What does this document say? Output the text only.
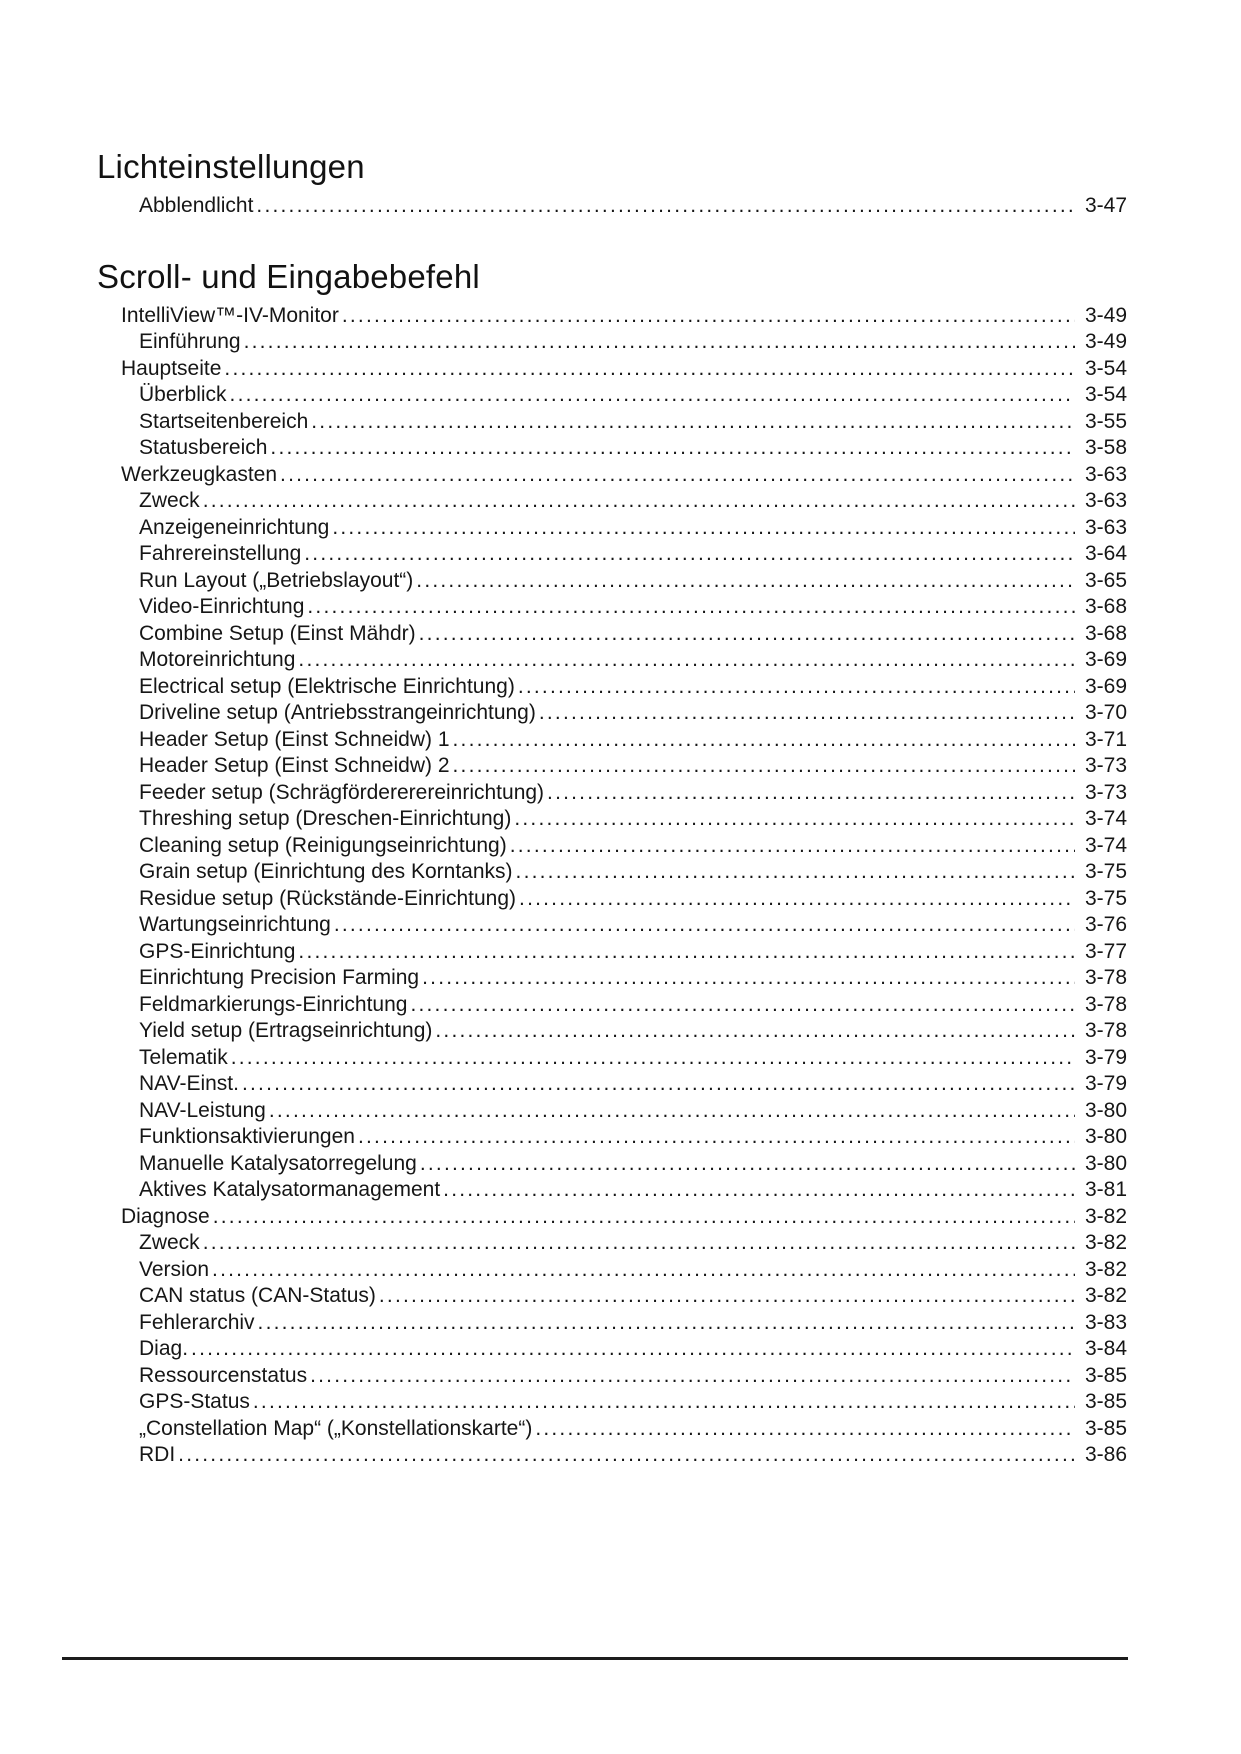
Lichteinstellungen
Abblendlicht .....	3-47
Scroll- und Eingabebefehl
IntelliView™-IV-Monitor .....	3-49
Einführung .....	3-49
Hauptseite .....	3-54
Überblick .....	3-54
Startseitenbereich .....	3-55
Statusbereich .....	3-58
Werkzeugkasten .....	3-63
Zweck .....	3-63
Anzeigeneinrichtung .....	3-63
Fahrereinstellung .....	3-64
Run Layout („Betriebslayout“) .....	3-65
Video-Einrichtung .....	3-68
Combine Setup (Einst Mähdr) .....	3-68
Motoreinrichtung .....	3-69
Electrical setup (Elektrische Einrichtung) .....	3-69
Driveline setup (Antriebsstrangeinrichtung) .....	3-70
Header Setup (Einst Schneidw) 1 .....	3-71
Header Setup (Einst Schneidw) 2 .....	3-73
Feeder setup (Schrägfördererereinrichtung) .....	3-73
Threshing setup (Dreschen-Einrichtung) .....	3-74
Cleaning setup (Reinigungseinrichtung) .....	3-74
Grain setup (Einrichtung des Korntanks) .....	3-75
Residue setup (Rückstände-Einrichtung) .....	3-75
Wartungseinrichtung .....	3-76
GPS-Einrichtung .....	3-77
Einrichtung Precision Farming .....	3-78
Feldmarkierungs-Einrichtung .....	3-78
Yield setup (Ertragseinrichtung) .....	3-78
Telematik .....	3-79
NAV-Einst. .....	3-79
NAV-Leistung .....	3-80
Funktionsaktivierungen .....	3-80
Manuelle Katalysatorregelung .....	3-80
Aktives Katalysatormanagement .....	3-81
Diagnose .....	3-82
Zweck .....	3-82
Version .....	3-82
CAN status (CAN-Status) .....	3-82
Fehlerarchiv .....	3-83
Diag. .....	3-84
Ressourcenstatus .....	3-85
GPS-Status .....	3-85
„Constellation Map“ („Konstellationskarte“) .....	3-85
RDI .....	3-86
